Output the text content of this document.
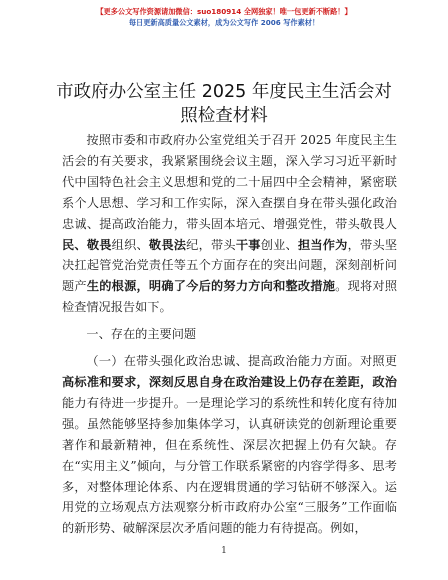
【更多公文写作资源请加微信：suo180914 全网独家！唯一包更新不断路！】
每日更新高质量公文素材，成为公文写作 2006 写作素材！
市政府办公室主任 2025 年度民主生活会对照检查材料

按照市委和市政府办公室党组关于召开 2025 年度民主生活会的有关要求，我紧紧围绕会议主题，深入学习习近平新时代中国特色社会主义思想和党的二十届四中全会精神，紧密联系个人思想、学习和工作实际，深入查摆自身在带头强化政治忠诚、提高政治能力，带头固本培元、增强党性，带头敬畏人民、敬畏组织、敬畏法纪，带头干事创业、担当作为，带头坚决扛起管党治党责任等五个方面存在的突出问题，深刻剖析问题产生的根源，明确了今后的努力方向和整改措施。现将对照检查情况报告如下。

一、存在的主要问题

（一）在带头强化政治忠诚、提高政治能力方面。对照更高标准和要求，深刻反思自身在政治建设上仍存在差距，政治能力有待进一步提升。一是理论学习的系统性和转化度有待加强。虽然能够坚持参加集体学习，认真研读党的创新理论重要著作和最新精神，但在系统性、深层次把握上仍有欠缺。存在“实用主义”倾向，与分管工作联系紧密的内容学得多、思考多，对整体理论体系、内在逻辑贯通的学习钻研不够深入。运用党的立场观点方法观察分析市政府办公室“三服务”工作面临的新形势、破解深层次矛盾问题的能力有待提高。例如，

1
